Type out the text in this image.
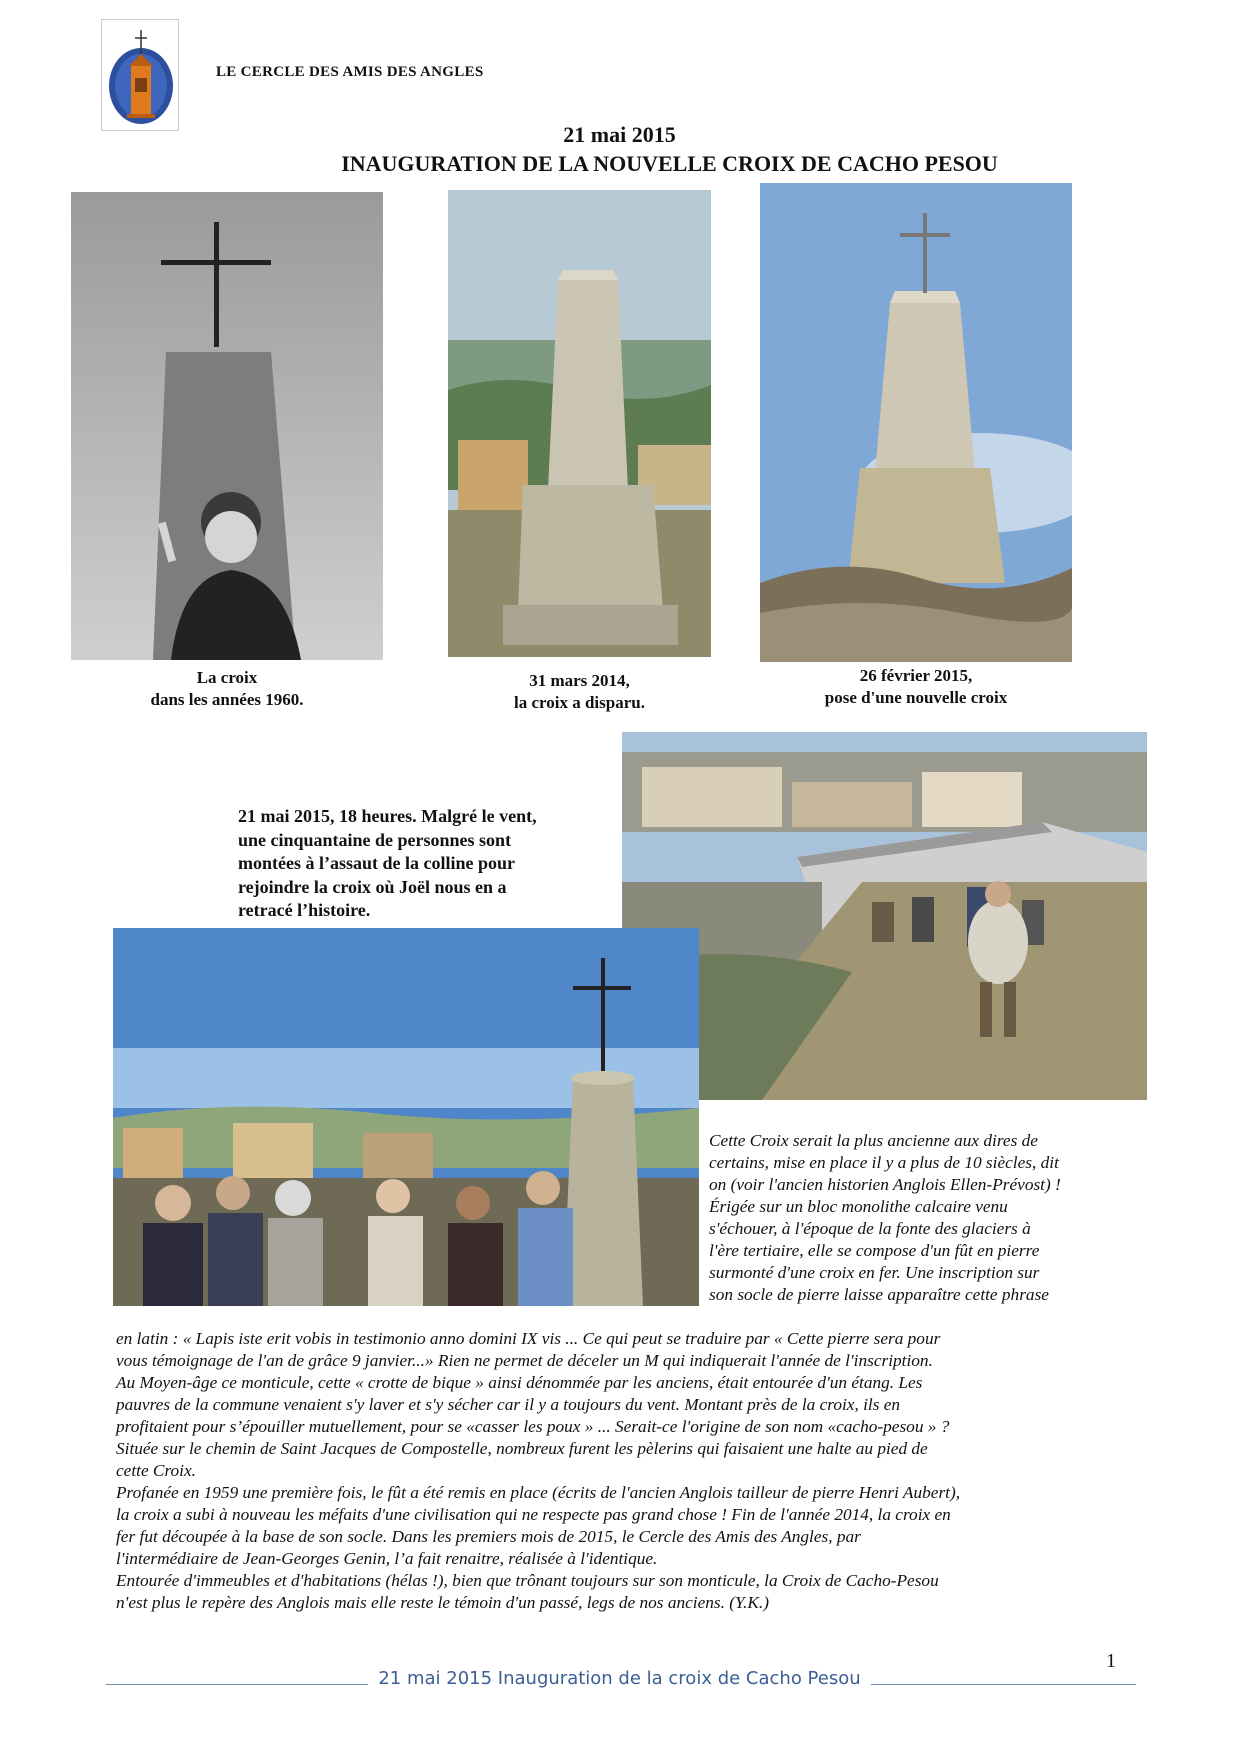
LE CERCLE DES AMIS DES ANGLES
21 mai 2015
INAUGURATION DE LA NOUVELLE CROIX DE CACHO PESOU
La croix
dans les années 1960.
31 mars 2014,
la croix a disparu.
26 février 2015,
pose d'une nouvelle croix
21 mai 2015, 18 heures. Malgré le vent,
une cinquantaine de personnes sont
montées à l’assaut de la colline pour
rejoindre la croix où Joël nous en a
retracé l’histoire.
Cette Croix serait la plus ancienne aux dires de
certains, mise en place il y a plus de 10 siècles, dit
on (voir l'ancien historien Anglois Ellen-Prévost) !
Érigée sur un bloc monolithe calcaire venu
s'échouer, à l'époque de la fonte des glaciers à
l'ère tertiaire, elle se compose d'un fût en pierre
surmonté d'une croix en fer. Une inscription sur
son socle de pierre laisse apparaître cette phrase
en latin : « Lapis iste erit vobis in testimonio anno domini IX vis ... Ce qui peut se traduire par « Cette pierre sera pour
vous témoignage de l'an de grâce 9 janvier...» Rien ne permet de déceler un M qui indiquerait l'année de l'inscription.
Au Moyen-âge ce monticule, cette « crotte de bique » ainsi dénommée par les anciens, était entourée d'un étang. Les
pauvres de la commune venaient s'y laver et s'y sécher car il y a toujours du vent. Montant près de la croix, ils en
profitaient pour s’épouiller mutuellement, pour se «casser les poux » ... Serait-ce l'origine de son nom «cacho-pesou » ?
Située sur le chemin de Saint Jacques de Compostelle, nombreux furent les pèlerins qui faisaient une halte au pied de
cette Croix.
Profanée en 1959 une première fois, le fût a été remis en place (écrits de l'ancien Anglois tailleur de pierre Henri Aubert),
la croix a subi à nouveau les méfaits d'une civilisation qui ne respecte pas grand chose ! Fin de l'année 2014, la croix en
fer fut découpée à la base de son socle. Dans les premiers mois de 2015, le Cercle des Amis des Angles, par
l'intermédiaire de Jean-Georges Genin, l’a fait renaitre, réalisée à l'identique.
Entourée d'immeubles et d'habitations (hélas !), bien que trônant toujours sur son monticule, la Croix de Cacho-Pesou
n'est plus le repère des Anglois mais elle reste le témoin d'un passé, legs de nos anciens. (Y.K.)
1
21 mai 2015 Inauguration de la croix de Cacho Pesou
